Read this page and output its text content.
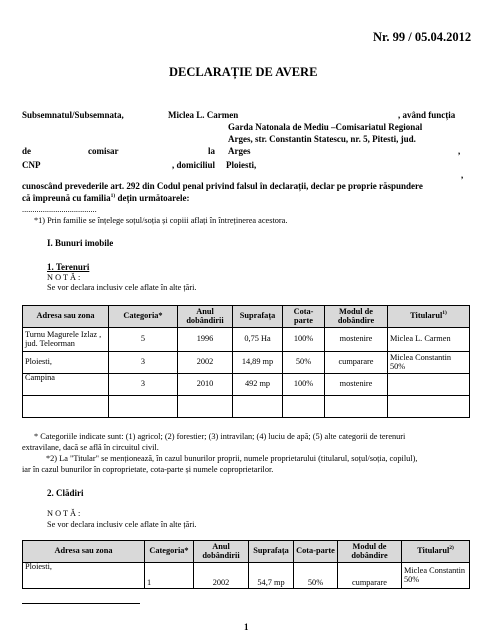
Nr. 99 / 05.04.2012
DECLARAȚIE DE AVERE
Subsemnatul/Subsemnata,	Miclea L. Carmen	, având funcția
Garda Natonala de Mediu –Comisariatul Regional
Arges, str. Constantin Statescu, nr. 5, Pitesti, jud.
de	comisar	la Arges	,
CNP	, domiciliul Ploiesti,
,
cunoscând prevederile art. 292 din Codul penal privind falsul în declarații, declar pe proprie răspundere
că împreună cu familia$^{1)}$ dețin următoarele:
....................................
*1) Prin familie se înțelege soțul/soția și copiii aflați în întreținerea acestora.
I. Bunuri imobile
1. Terenuri
N O T Ă :
Se vor declara inclusiv cele aflate în alte țări.
Adresa sau zona	Categoria*	Anul dobândirii	Suprafața	Cota-parte	Modul de dobândire	Titularul$^{1)}$
Turnu Magurele Izlaz , jud. Teleorman	5	1996	0,75 Ha	100%	mostenire	Miclea L. Carmen
Ploiesti,	3	2002	14,89 mp	50%	cumparare	Miclea Constantin 50%
Campina	3	2010	492 mp	100%	mostenire	

* Categoriile indicate sunt: (1) agricol; (2) forestier; (3) intravilan; (4) luciu de apă; (5) alte categorii de terenuri
extravilane, dacă se află în circuitul civil.
*2) La "Titular" se menționează, în cazul bunurilor proprii, numele proprietarului (titularul, soțul/soția, copilul),
iar în cazul bunurilor în coproprietate, cota-parte și numele coproprietarilor.
2. Clădiri
N O T Ă :
Se vor declara inclusiv cele aflate în alte țări.
Adresa sau zona	Categoria*	Anul dobândirii	Suprafața	Cota-parte	Modul de dobândire	Titularul$^{2)}$
Ploiesti,	1	2002	54,7 mp	50%	cumparare	Miclea Constantin 50%
1
